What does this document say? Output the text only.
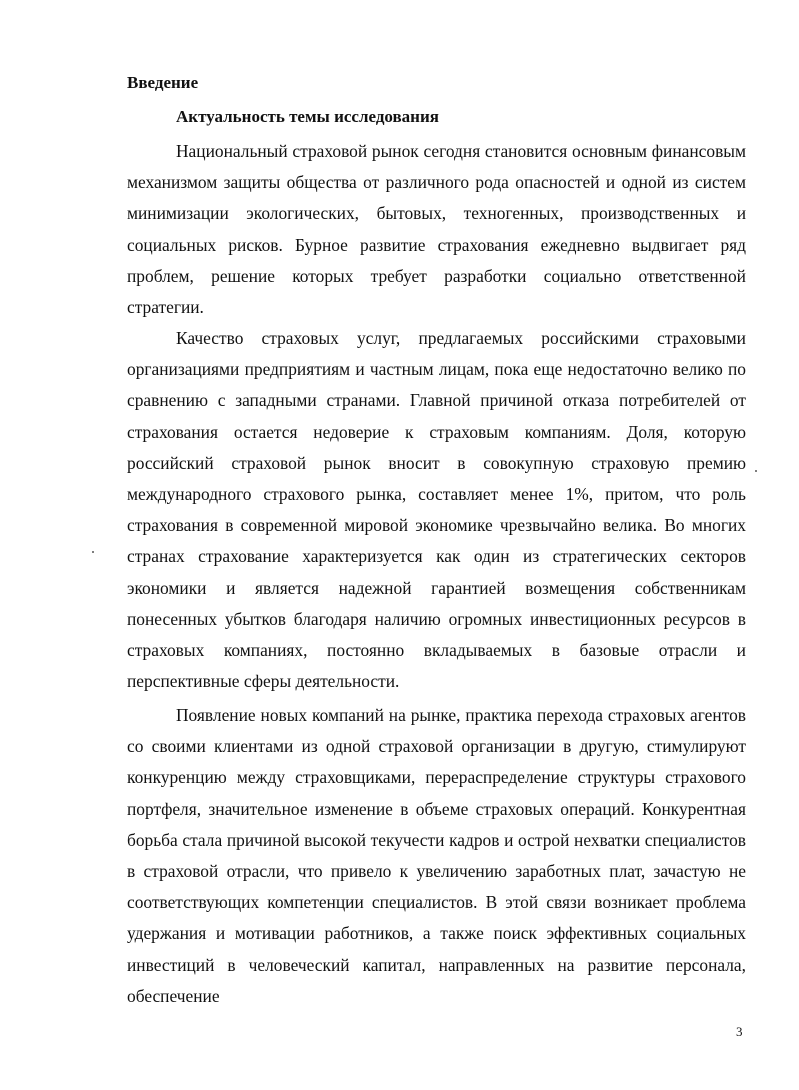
Введение
Актуальность темы исследования

Национальный страховой рынок сегодня становится основным финансовым механизмом защиты общества от различного рода опасностей и одной из систем минимизации экологических, бытовых, техногенных, производственных и социальных рисков. Бурное развитие страхования ежедневно выдвигает ряд проблем, решение которых требует разработки социально ответственной стратегии.

Качество страховых услуг, предлагаемых российскими страховыми организациями предприятиям и частным лицам, пока еще недостаточно велико по сравнению с западными странами. Главной причиной отказа потребителей от страхования остается недоверие к страховым компаниям. Доля, которую российский страховой рынок вносит в совокупную страховую премию международного страхового рынка, составляет менее 1%, притом, что роль страхования в современной мировой экономике чрезвычайно велика. Во многих странах страхование характеризуется как один из стратегических секторов экономики и является надежной гарантией возмещения собственникам понесенных убытков благодаря наличию огромных инвестиционных ресурсов в страховых компаниях, постоянно вкладываемых в базовые отрасли и перспективные сферы деятельности.

Появление новых компаний на рынке, практика перехода страховых агентов со своими клиентами из одной страховой организации в другую, стимулируют конкуренцию между страховщиками, перераспределение структуры страхового портфеля, значительное изменение в объеме страховых операций. Конкурентная борьба стала причиной высокой текучести кадров и острой нехватки специалистов в страховой отрасли, что привело к увеличению заработных плат, зачастую не соответствующих компетенции специалистов. В этой связи возникает проблема удержания и мотивации работников, а также поиск эффективных социальных инвестиций в человеческий капитал, направленных на развитие персонала, обеспечение

3
